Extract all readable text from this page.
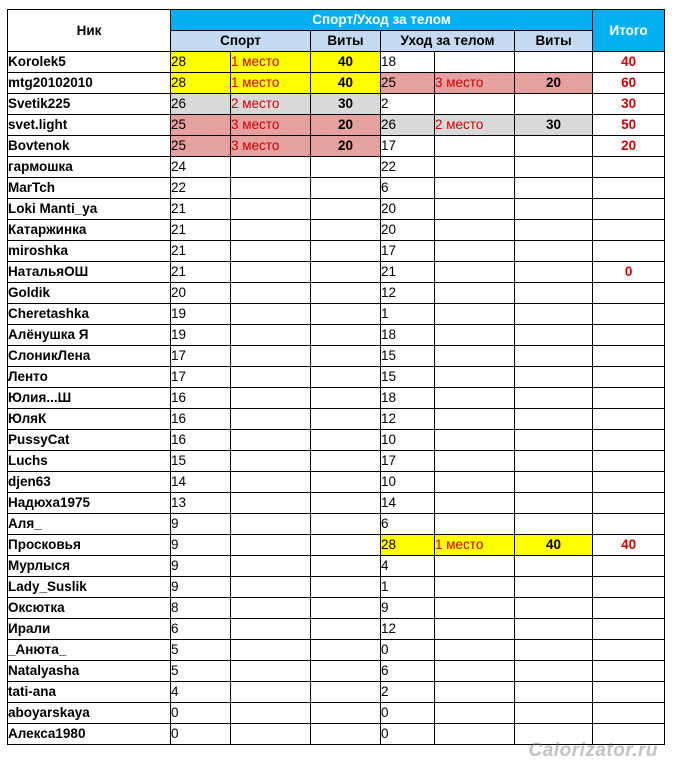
Ник	Спорт/Уход за телом						Итого
	Спорт		Виты	Уход за телом		Виты	
Korolek5	28	1 место	40	18			40
mtg20102010	28	1 место	40	25	3 место	20	60
Svetik225	26	2 место	30	2			30
svet.light	25	3 место	20	26	2 место	30	50
Bovtenok	25	3 место	20	17			20
гармошка	24			22			
MarTch	22			6			
Loki Manti_ya	21			20			
Катаржинка	21			20			
miroshka	21			17			
НатальяОШ	21			21			0
Goldik	20			12			
Cheretashka	19			1			
Алёнушка Я	19			18			
СлоникЛена	17			15			
Ленто	17			15			
Юлия...Ш	16			18			
ЮляК	16			12			
PussyCat	16			10			
Luchs	15			17			
djen63	14			10			
Надюха1975	13			14			
Аля_	9			6			
Просковья	9			28	1 место	40	40
Мурлыся	9			4			
Lady_Suslik	9			1			
Оксютка	8			9			
Ирали	6			12			
_Анюта_	5			0			
Natalyasha	5			6			
tati-ana	4			2			
aboyarskaya	0			0			
Алекса1980	0			0			
Calorizator.ru
